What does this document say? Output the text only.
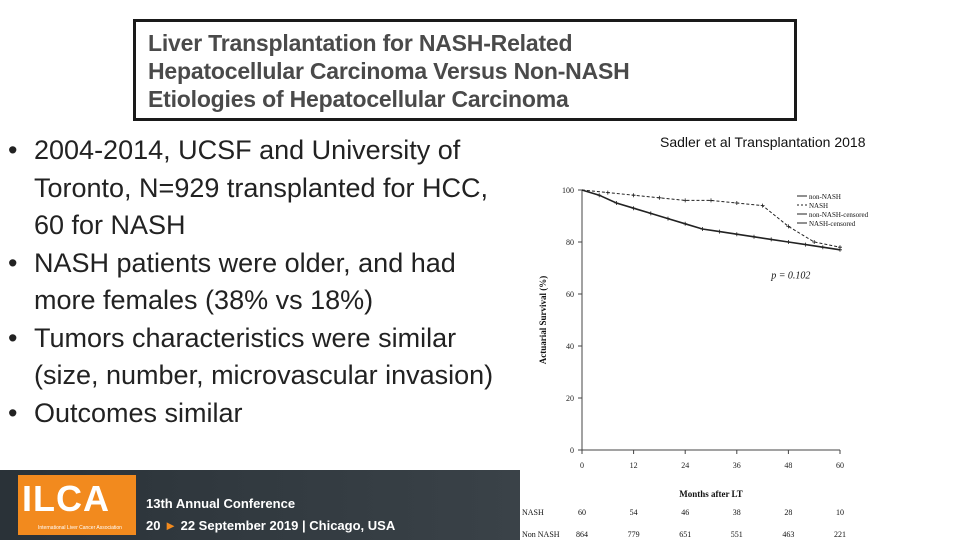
Liver Transplantation for NASH-Related
Hepatocellular Carcinoma Versus Non-NASH
Etiologies of Hepatocellular Carcinoma
• 2004-2014, UCSF and University of Toronto, N=929 transplanted for HCC, 60 for NASH
• NASH patients were older, and had more females (38% vs 18%)
• Tumors characteristics were similar (size, number, microvascular invasion)
• Outcomes similar
Sadler et al Transplantation 2018
0
20
40
60
80
100
0	12	24	36	48	60
Months after LT
Actuarial Survival (%)	p = 0.102
non-NASH
NASH
non-NASH-censored
NASH-censored
NASH	60	54	46	38	28	10
Non NASH 864	779	651	551	463	221
ILCA
International Liver Cancer Association
13th Annual Conference
20 ► 22 September 2019 | Chicago, USA
